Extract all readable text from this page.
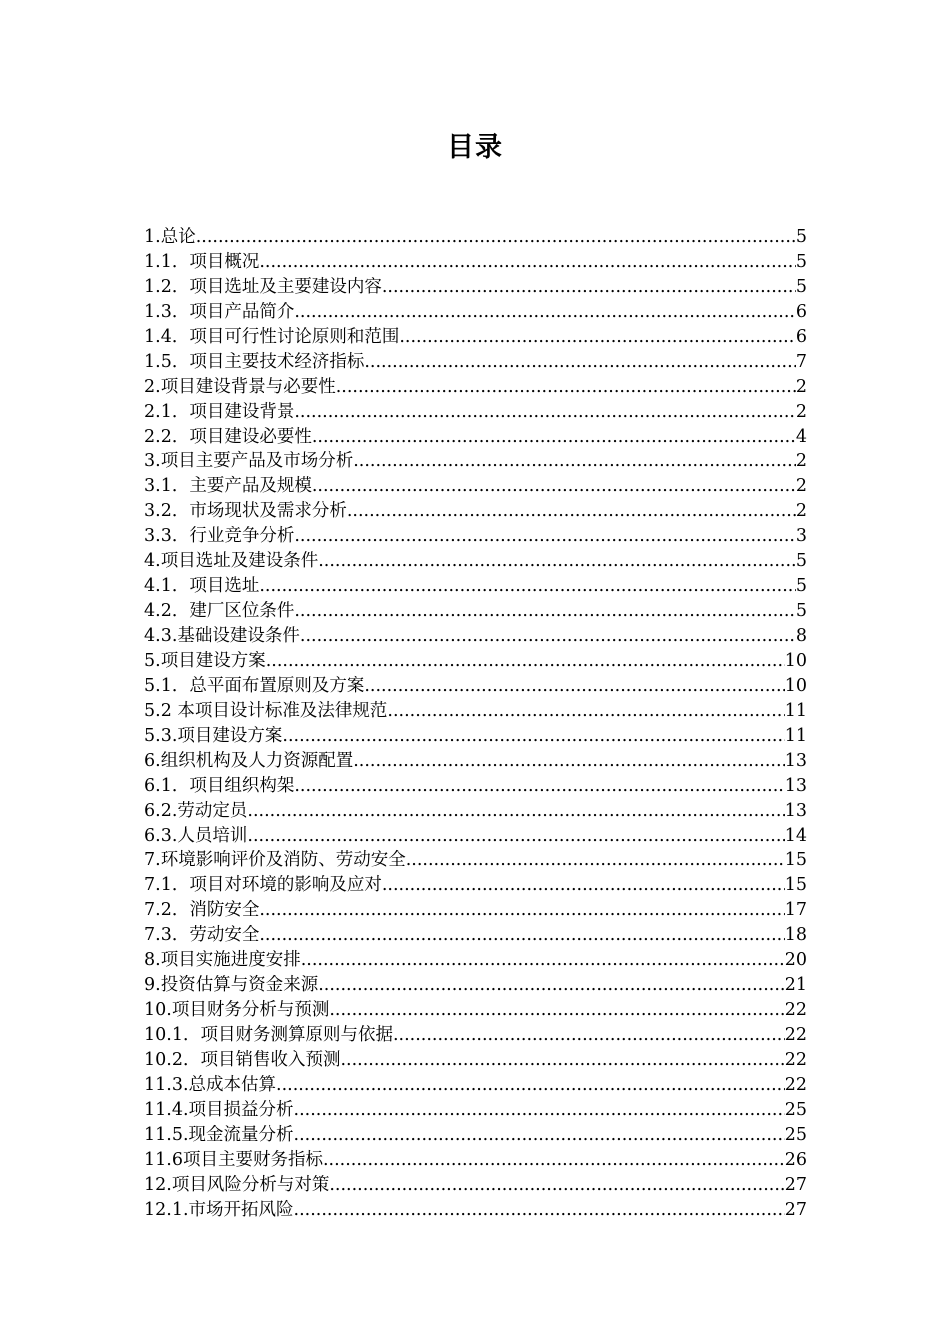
目录
1.总论 .....	5
1.1．项目概况 .....	5
1.2．项目选址及主要建设内容 .....	5
1.3．项目产品简介 .....	6
1.4．项目可行性讨论原则和范围 .....	6
1.5．项目主要技术经济指标 .....	7
2.项目建设背景与必要性 .....	2
2.1．项目建设背景 .....	2
2.2．项目建设必要性 .....	4
3.项目主要产品及市场分析 .....	2
3.1．主要产品及规模 .....	2
3.2．市场现状及需求分析 .....	2
3.3．行业竞争分析 .....	3
4.项目选址及建设条件 .....	5
4.1．项目选址 .....	5
4.2．建厂区位条件 .....	5
4.3.基础设建设条件 .....	8
5.项目建设方案 .....	10
5.1．总平面布置原则及方案 .....	10
5.2 本项目设计标准及法律规范 .....	11
5.3.项目建设方案 .....	11
6.组织机构及人力资源配置 .....	13
6.1．项目组织构架 .....	13
6.2.劳动定员 .....	13
6.3.人员培训 .....	14
7.环境影响评价及消防、劳动安全 .....	15
7.1．项目对环境的影响及应对 .....	15
7.2．消防安全 .....	17
7.3．劳动安全 .....	18
8.项目实施进度安排 .....	20
9.投资估算与资金来源 .....	21
10.项目财务分析与预测 .....	22
10.1．项目财务测算原则与依据 .....	22
10.2．项目销售收入预测 .....	22
11.3.总成本估算 .....	22
11.4.项目损益分析 .....	25
11.5.现金流量分析 .....	25
11.6项目主要财务指标 .....	26
12.项目风险分析与对策 .....	27
12.1.市场开拓风险 .....	27
